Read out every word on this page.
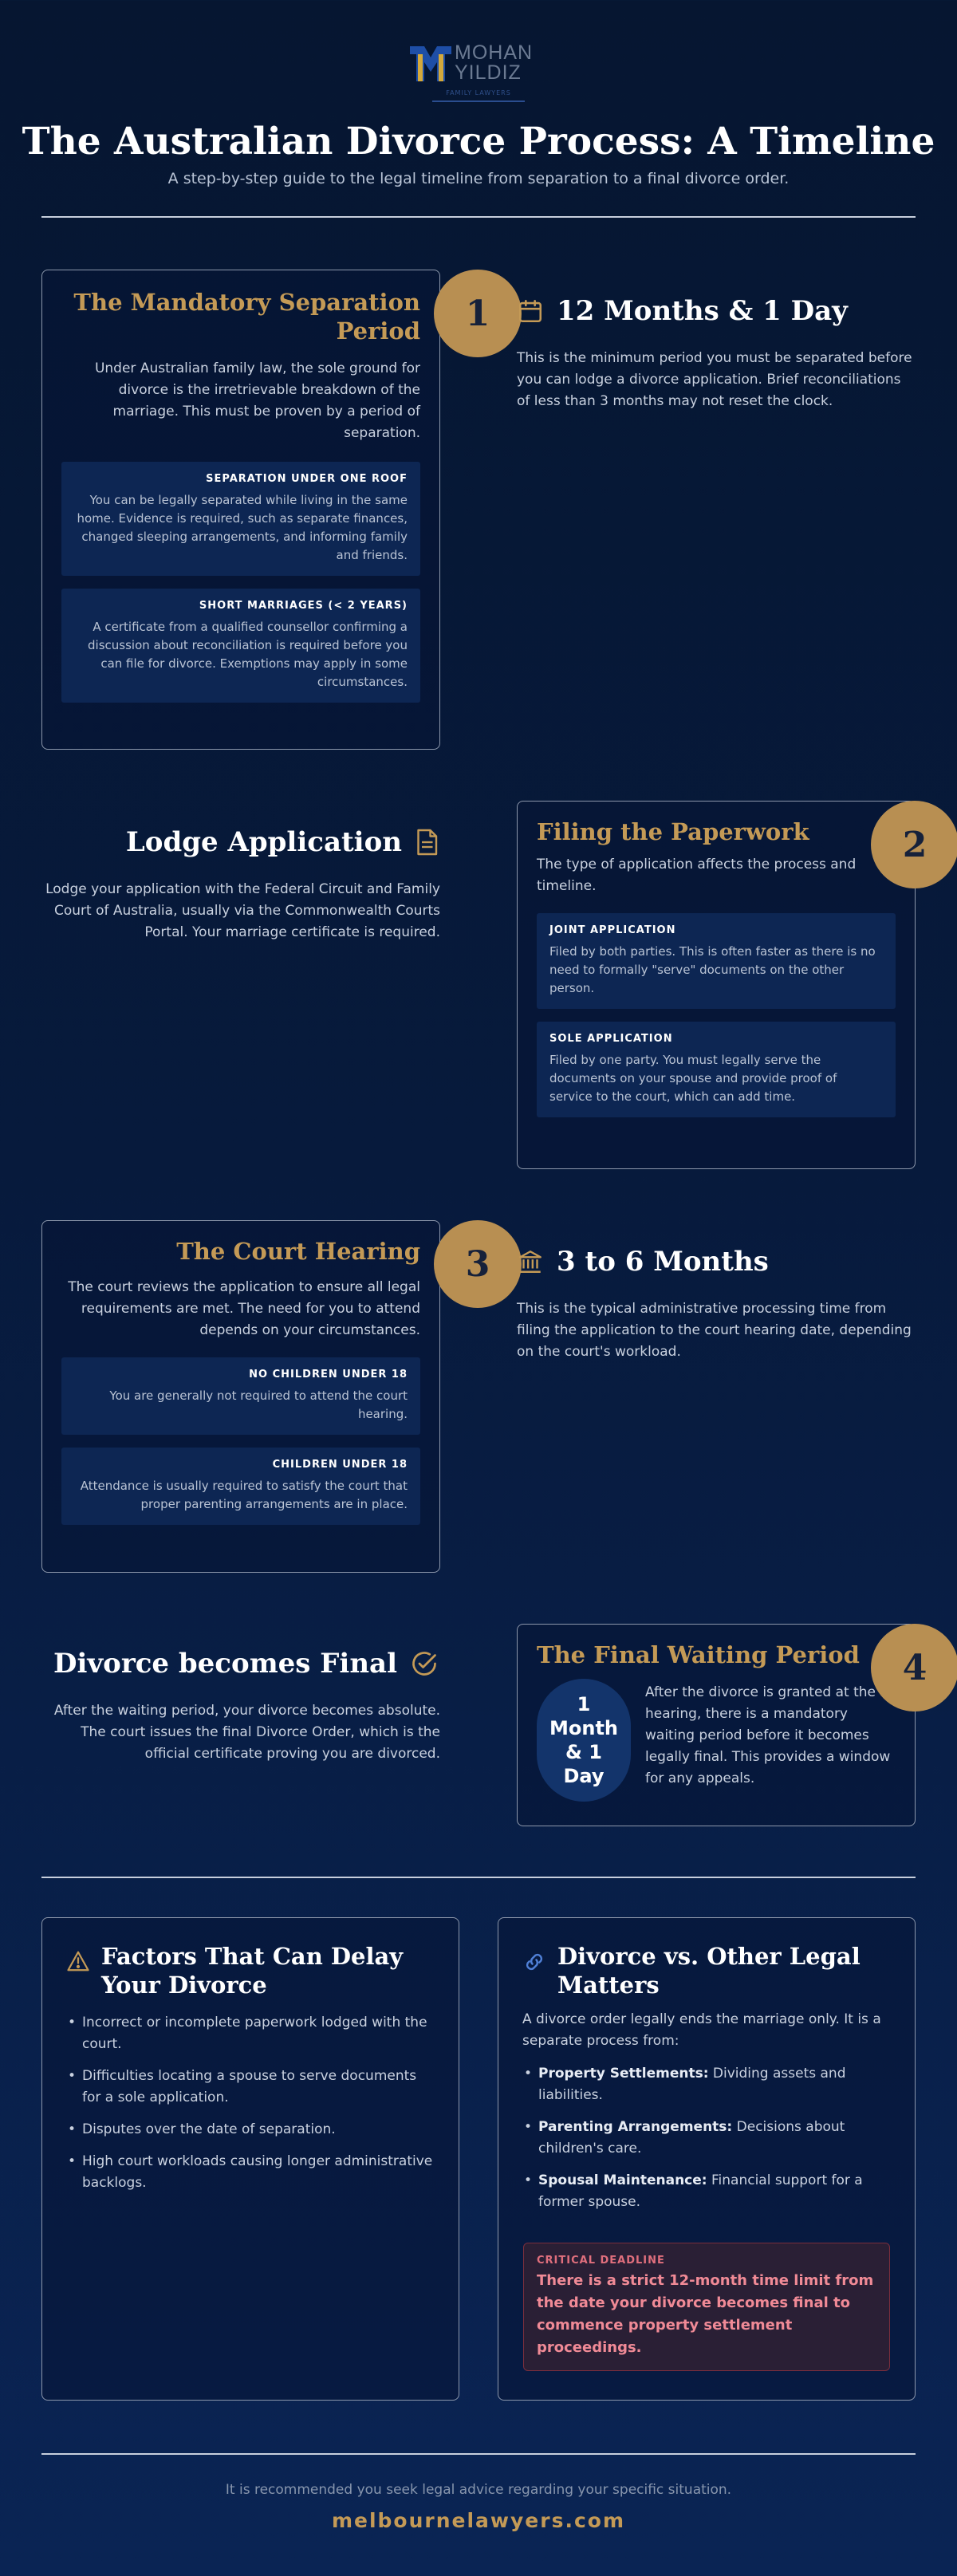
MOHAN
YILDIZ
FAMILY LAWYERS
The Australian Divorce Process: A Timeline
A step-by-step guide to the legal timeline from separation to a final divorce order.
The Mandatory Separation Period
Under Australian family law, the sole ground for divorce is the irretrievable breakdown of the marriage. This must be proven by a period of separation.
SEPARATION UNDER ONE ROOF
You can be legally separated while living in the same home. Evidence is required, such as separate finances, changed sleeping arrangements, and informing family and friends.
SHORT MARRIAGES (< 2 YEARS)
A certificate from a qualified counsellor confirming a discussion about reconciliation is required before you can file for divorce. Exemptions may apply in some circumstances.
1	12 Months & 1 Day
This is the minimum period you must be separated before you can lodge a divorce application. Brief reconciliations of less than 3 months may not reset the clock.
Lodge Application
Lodge your application with the Federal Circuit and Family Court of Australia, usually via the Commonwealth Courts Portal. Your marriage certificate is required.
Filing the Paperwork
The type of application affects the process and timeline.
JOINT APPLICATION
Filed by both parties. This is often faster as there is no need to formally "serve" documents on the other person.
SOLE APPLICATION
Filed by one party. You must legally serve the documents on your spouse and provide proof of service to the court, which can add time.
2
The Court Hearing
The court reviews the application to ensure all legal requirements are met. The need for you to attend depends on your circumstances.
NO CHILDREN UNDER 18
You are generally not required to attend the court hearing.
CHILDREN UNDER 18
Attendance is usually required to satisfy the court that proper parenting arrangements are in place.
3	3 to 6 Months
This is the typical administrative processing time from filing the application to the court hearing date, depending on the court's workload.
Divorce becomes Final
After the waiting period, your divorce becomes absolute. The court issues the final Divorce Order, which is the official certificate proving you are divorced.
The Final Waiting Period
1
Month
& 1
Day
After the divorce is granted at the hearing, there is a mandatory waiting period before it becomes legally final. This provides a window for any appeals.
4
Factors That Can Delay Your Divorce
• Incorrect or incomplete paperwork lodged with the court.
• Difficulties locating a spouse to serve documents for a sole application.
• Disputes over the date of separation.
• High court workloads causing longer administrative backlogs.
Divorce vs. Other Legal Matters
A divorce order legally ends the marriage only. It is a separate process from:
• Property Settlements: Dividing assets and liabilities.
• Parenting Arrangements: Decisions about children's care.
• Spousal Maintenance: Financial support for a former spouse.
CRITICAL DEADLINE
There is a strict 12-month time limit from the date your divorce becomes final to commence property settlement proceedings.
It is recommended you seek legal advice regarding your specific situation.
melbournelawyers.com
